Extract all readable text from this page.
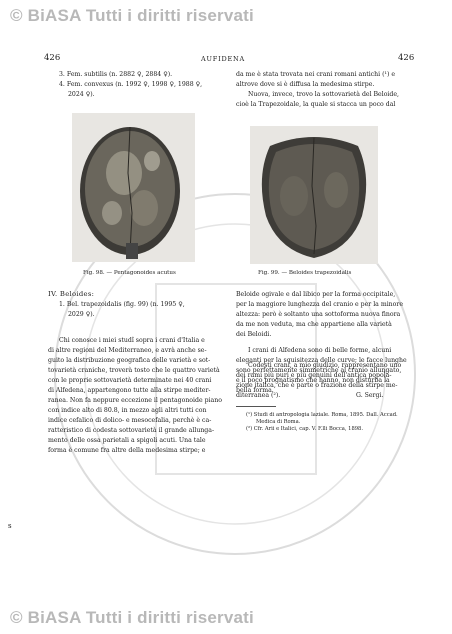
© BiASA Tutti i diritti riservati
© BiASA Tutti i diritti riservati
426	AUFIDENA	426
3. Fem. subtilis (n. 2882 ♀, 2884 ♀).
4. Fem. convexus (n. 1992 ♀, 1998 ♀, 1988 ♀,
2024 ♀).
da me è stata trovata nei crani romani antichi (¹) e
altrove dove si è diffusa la medesima stirpe.
Nuova, invece, trovo la sottovarietà del Beloide,
cioè la Trapezoidale, la quale si stacca un poco dal
Fig. 98. — Pentagonoides acutus	Fig. 99. — Beloides trapezoidalis
IV. Beloides:
1. Bel. trapezoidalis (fig. 99) (n. 1995 ♀,
2029 ♀).
Chi conosce i miei studî sopra i crani d'Italia e
di altre regioni del Mediterraneo, e avrà anche se-
guito la distribuzione geografica delle varietà e sot-
tovarietà craniche, troverà tosto che le quattro varietà
con le proprie sottovarietà determinate nei 40 crani
di Alfedena, appartengono tutte alla stirpe mediter-
ranea. Non fa neppure eccezione il pentagonoide piano
con indice alto di 80.8, in mezzo agli altri tutti con
indice cefalico di dolico- e mesocefalia, perchè è ca-
ratteristico di codesta sottovarietà il grande allunga-
mento delle ossa parietali a spigoli acuti. Una tale
forma è comune fra altre della medesima stirpe; e
Beloide ogivale e dal libico per la forma occipitale,
per la maggiore lunghezza del cranio e per la minore
altezza: però è soltanto una sottoforma nuova finora
da me non veduta, ma che appartiene alla varietà
dei Beloidi.
I crani di Alfedena sono di belle forme, alcuni
eleganti per la squisitezza delle curve; le facce lunghe
sono perfettamente simmetriche al cranio allungato,
e il poco prognatismo che hanno, non disturba la
bella forma.
Codesti crani, a mio giudizio, rappresentano uno
dei rami più puri e più genuini dell'antica popola-
zione italica, che è parte o frazione della stirpe me-
diterranea (²).	G. Sergi.
(¹) Studi di antropologia laziale. Roma, 1895. Dall. Accad.
Medica di Roma.
(²) Cfr. Arii e Italici, cap. V. F.lli Bocca, 1898.
s
